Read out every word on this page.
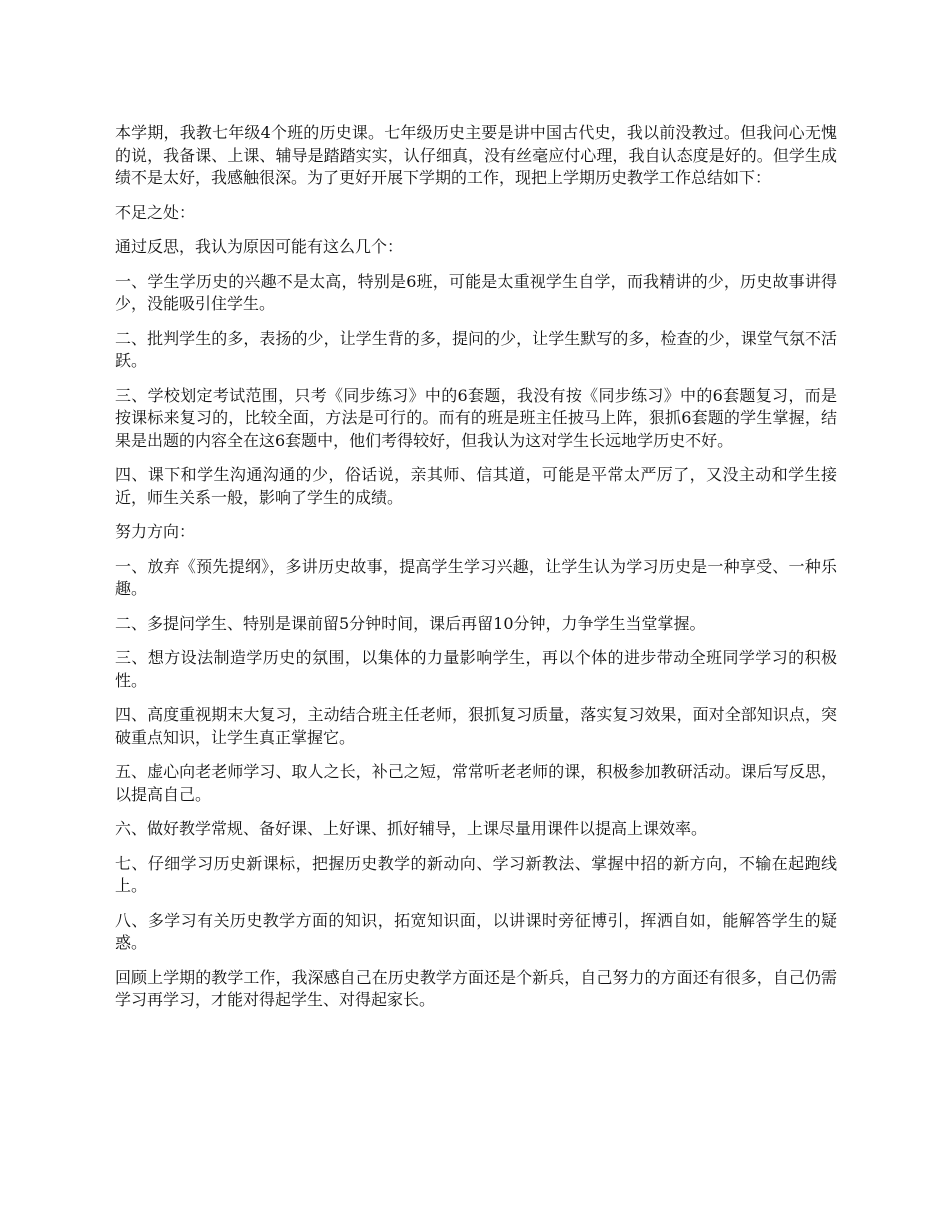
本学期，我教七年级4个班的历史课。七年级历史主要是讲中国古代史，我以前没教过。但我问心无愧的说，我备课、上课、辅导是踏踏实实，认仔细真，没有丝毫应付心理，我自认态度是好的。但学生成绩不是太好，我感触很深。为了更好开展下学期的工作，现把上学期历史教学工作总结如下：

不足之处：

通过反思，我认为原因可能有这么几个：

一、学生学历史的兴趣不是太高，特别是6班，可能是太重视学生自学，而我精讲的少，历史故事讲得少，没能吸引住学生。

二、批判学生的多，表扬的少，让学生背的多，提问的少，让学生默写的多，检查的少，课堂气氛不活跃。

三、学校划定考试范围，只考《同步练习》中的6套题，我没有按《同步练习》中的6套题复习，而是按课标来复习的，比较全面，方法是可行的。而有的班是班主任披马上阵，狠抓6套题的学生掌握，结果是出题的内容全在这6套题中，他们考得较好，但我认为这对学生长远地学历史不好。

四、课下和学生沟通沟通的少，俗话说，亲其师、信其道，可能是平常太严厉了，又没主动和学生接近，师生关系一般，影响了学生的成绩。

努力方向：

一、放弃《预先提纲》，多讲历史故事，提高学生学习兴趣，让学生认为学习历史是一种享受、一种乐趣。

二、多提问学生、特别是课前留5分钟时间，课后再留10分钟，力争学生当堂掌握。

三、想方设法制造学历史的氛围，以集体的力量影响学生，再以个体的进步带动全班同学学习的积极性。

四、高度重视期末大复习，主动结合班主任老师，狠抓复习质量，落实复习效果，面对全部知识点，突破重点知识，让学生真正掌握它。

五、虚心向老老师学习、取人之长，补己之短，常常听老老师的课，积极参加教研活动。课后写反思，以提高自己。

六、做好教学常规、备好课、上好课、抓好辅导，上课尽量用课件以提高上课效率。

七、仔细学习历史新课标，把握历史教学的新动向、学习新教法、掌握中招的新方向，不输在起跑线上。

八、多学习有关历史教学方面的知识，拓宽知识面，以讲课时旁征博引，挥洒自如，能解答学生的疑惑。

回顾上学期的教学工作，我深感自己在历史教学方面还是个新兵，自己努力的方面还有很多，自己仍需学习再学习，才能对得起学生、对得起家长。
